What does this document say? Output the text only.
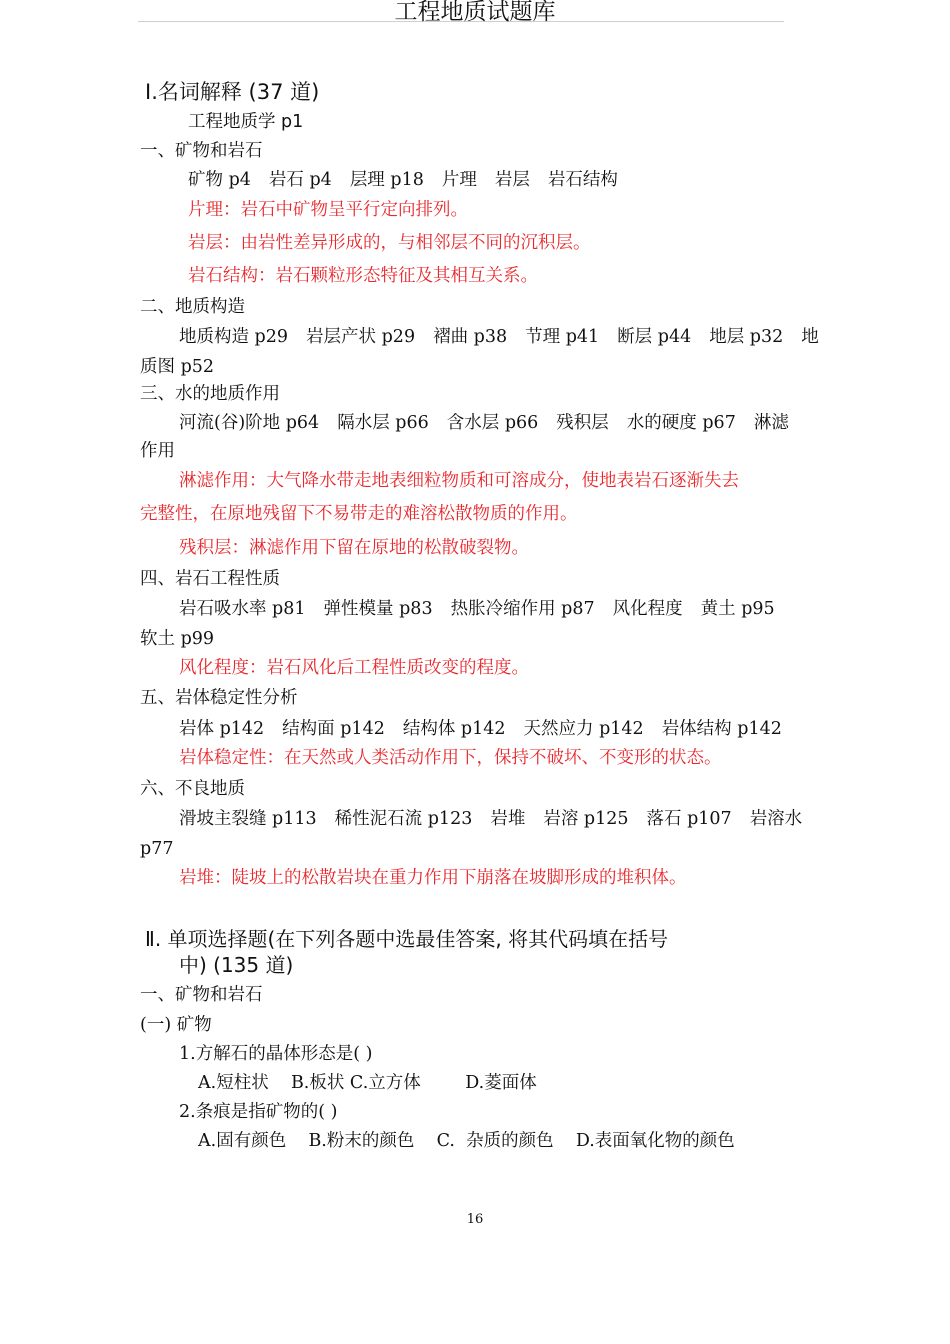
工程地质试题库
Ⅰ.名词解释 (37 道)
工程地质学 p1
一、矿物和岩石
矿物 p4 岩石 p4 层理 p18 片理 岩层 岩石结构
片理：岩石中矿物呈平行定向排列。
岩层：由岩性差异形成的，与相邻层不同的沉积层。
岩石结构：岩石颗粒形态特征及其相互关系。
二、地质构造
地质构造 p29 岩层产状 p29 褶曲 p38 节理 p41 断层 p44 地层 p32 地
质图 p52
三、水的地质作用
河流(谷)阶地 p64 隔水层 p66 含水层 p66 残积层 水的硬度 p67 淋滤
作用
淋滤作用：大气降水带走地表细粒物质和可溶成分，使地表岩石逐渐失去
完整性，在原地残留下不易带走的难溶松散物质的作用。
残积层：淋滤作用下留在原地的松散破裂物。
四、岩石工程性质
岩石吸水率 p81 弹性模量 p83 热胀冷缩作用 p87 风化程度 黄土 p95
软土 p99
风化程度：岩石风化后工程性质改变的程度。
五、岩体稳定性分析
岩体 p142 结构面 p142 结构体 p142 天然应力 p142 岩体结构 p142
岩体稳定性：在天然或人类活动作用下，保持不破坏、不变形的状态。
六、不良地质
滑坡主裂缝 p113 稀性泥石流 p123 岩堆 岩溶 p125 落石 p107 岩溶水
p77
岩堆：陡坡上的松散岩块在重力作用下崩落在坡脚形成的堆积体。
Ⅱ. 单项选择题(在下列各题中选最佳答案, 将其代码填在括号
中) (135 道)
一、矿物和岩石
(一) 矿物
1.方解石的晶体形态是( )
A.短柱状    B.板状 C.立方体        D.菱面体
2.条痕是指矿物的( )
A.固有颜色    B.粉末的颜色    C.  杂质的颜色    D.表面氧化物的颜色
16
